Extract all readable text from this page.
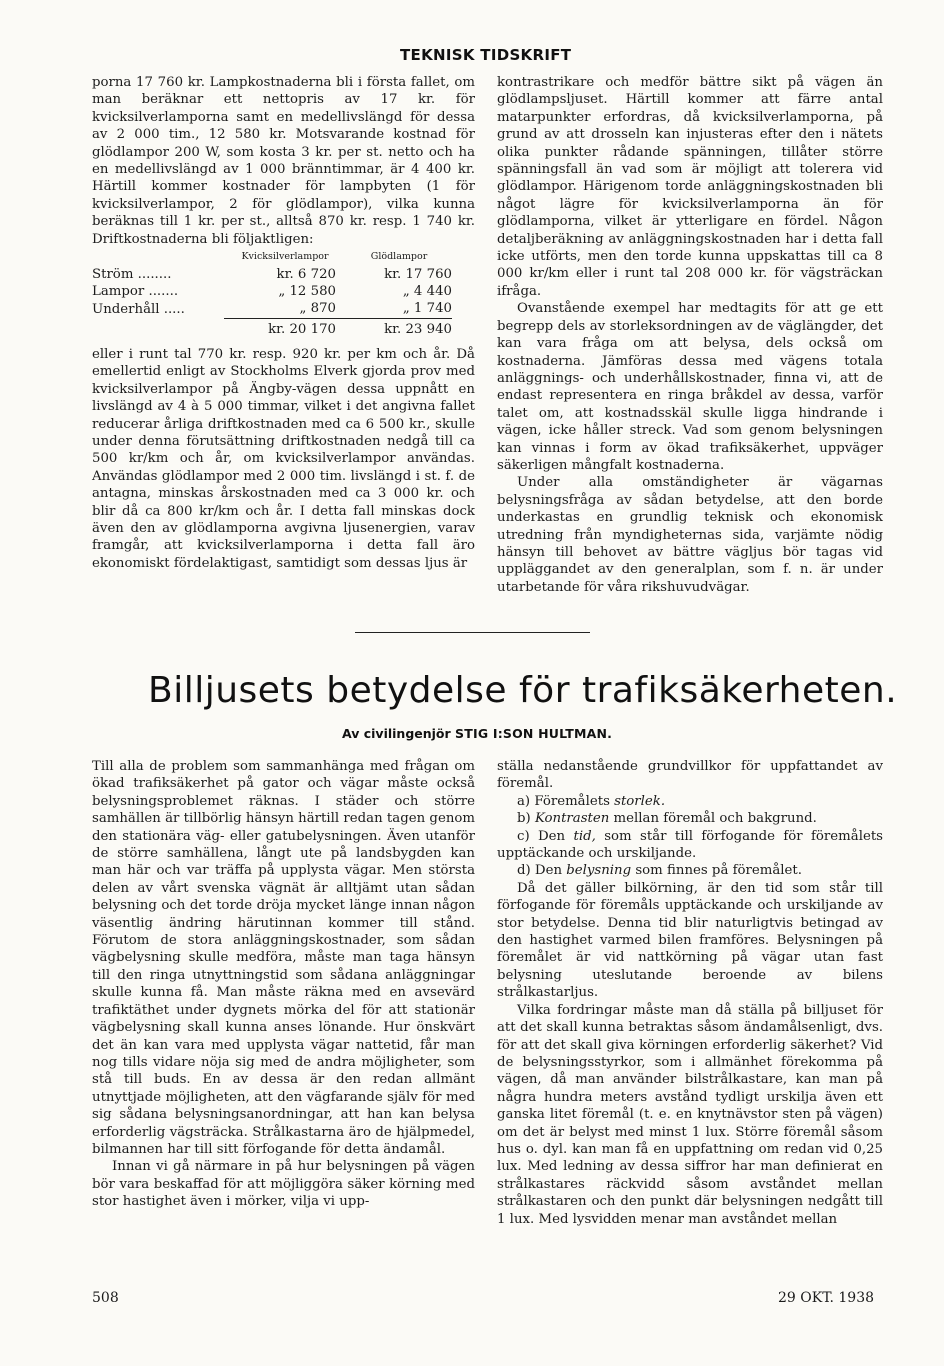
TEKNISK TIDSKRIFT

porna 17 760 kr. Lampkostnaderna bli i första fallet, om man beräknar ett nettopris av 17 kr. för kvicksilverlamporna samt en medellivslängd för dessa av 2 000 tim., 12 580 kr. Motsvarande kostnad för glödlampor 200 W, som kosta 3 kr. per st. netto och ha en medellivslängd av 1 000 bränntimmar, är 4 400 kr. Härtill kommer kostnader för lampbyten (1 för kvicksilverlampor, 2 för glödlampor), vilka kunna beräknas till 1 kr. per st., alltså 870 kr. resp. 1 740 kr. Driftkostnaderna bli följaktligen:

	Kvicksilverlampor	Glödlampor
Ström ........	kr. 6 720	kr. 17 760
Lampor .......	„ 12 580	„ 4 440
Underhåll .....	„ 870	„ 1 740
	kr. 20 170	kr. 23 940

eller i runt tal 770 kr. resp. 920 kr. per km och år. Då emellertid enligt av Stockholms Elverk gjorda prov med kvicksilverlampor på Ängby-vägen dessa uppnått en livslängd av 4 à 5 000 timmar, vilket i det angivna fallet reducerar årliga driftkostnaden med ca 6 500 kr., skulle under denna förutsättning driftkostnaden nedgå till ca 500 kr/km och år, om kvicksilverlampor användas. Användas glödlampor med 2 000 tim. livslängd i st. f. de antagna, minskas årskostnaden med ca 3 000 kr. och blir då ca 800 kr/km och år. I detta fall minskas dock även den av glödlamporna avgivna ljusenergien, varav framgår, att kvicksilverlamporna i detta fall äro ekonomiskt fördelaktigast, samtidigt som dessas ljus är

kontrastrikare och medför bättre sikt på vägen än glödlampsljuset. Härtill kommer att färre antal matarpunkter erfordras, då kvicksilverlamporna, på grund av att drosseln kan injusteras efter den i nätets olika punkter rådande spänningen, tillåter större spänningsfall än vad som är möjligt att tolerera vid glödlampor. Härigenom torde anläggningskostnaden bli något lägre för kvicksilverlamporna än för glödlamporna, vilket är ytterligare en fördel. Någon detaljberäkning av anläggningskostnaden har i detta fall icke utförts, men den torde kunna uppskattas till ca 8 000 kr/km eller i runt tal 208 000 kr. för vägsträckan ifråga.

Ovanstående exempel har medtagits för att ge ett begrepp dels av storleksordningen av de väglängder, det kan vara fråga om att belysa, dels också om kostnaderna. Jämföras dessa med vägens totala anläggnings- och underhållskostnader, finna vi, att de endast representera en ringa bråkdel av dessa, varför talet om, att kostnadsskäl skulle ligga hindrande i vägen, icke håller streck. Vad som genom belysningen kan vinnas i form av ökad trafiksäkerhet, uppväger säkerligen mångfalt kostnaderna.

Under alla omständigheter är vägarnas belysningsfråga av sådan betydelse, att den borde underkastas en grundlig teknisk och ekonomisk utredning från myndigheternas sida, varjämte nödig hänsyn till behovet av bättre vägljus bör tagas vid uppläggandet av den generalplan, som f. n. är under utarbetande för våra rikshuvudvägar.

Billjusets betydelse för trafiksäkerheten.
Av civilingenjör STIG I:SON HULTMAN.

Till alla de problem som sammanhänga med frågan om ökad trafiksäkerhet på gator och vägar måste också belysningsproblemet räknas. I städer och större samhällen är tillbörlig hänsyn härtill redan tagen genom den stationära väg- eller gatubelysningen. Även utanför de större samhällena, långt ute på landsbygden kan man här och var träffa på upplysta vägar. Men största delen av vårt svenska vägnät är alltjämt utan sådan belysning och det torde dröja mycket länge innan någon väsentlig ändring härutinnan kommer till stånd. Förutom de stora anläggningskostnader, som sådan vägbelysning skulle medföra, måste man taga hänsyn till den ringa utnyttningstid som sådana anläggningar skulle kunna få. Man måste räkna med en avsevärd trafiktäthet under dygnets mörka del för att stationär vägbelysning skall kunna anses lönande. Hur önskvärt det än kan vara med upplysta vägar nattetid, får man nog tills vidare nöja sig med de andra möjligheter, som stå till buds. En av dessa är den redan allmänt utnyttjade möjligheten, att den vägfarande själv för med sig sådana belysningsanordningar, att han kan belysa erforderlig vägsträcka. Strålkastarna äro de hjälpmedel, bilmannen har till sitt förfogande för detta ändamål.

Innan vi gå närmare in på hur belysningen på vägen bör vara beskaffad för att möjliggöra säker körning med stor hastighet även i mörker, vilja vi upp-

ställa nedanstående grundvillkor för uppfattandet av föremål.

a) Föremålets storlek.

b) Kontrasten mellan föremål och bakgrund.

c) Den tid, som står till förfogande för föremålets upptäckande och urskiljande.

d) Den belysning som finnes på föremålet.

Då det gäller bilkörning, är den tid som står till förfogande för föremåls upptäckande och urskiljande av stor betydelse. Denna tid blir naturligtvis betingad av den hastighet varmed bilen framföres. Belysningen på föremålet är vid nattkörning på vägar utan fast belysning uteslutande beroende av bilens strålkastarljus.

Vilka fordringar måste man då ställa på billjuset för att det skall kunna betraktas såsom ändamålsenligt, dvs. för att det skall giva körningen erforderlig säkerhet? Vid de belysningsstyrkor, som i allmänhet förekomma på vägen, då man använder bilstrålkastare, kan man på några hundra meters avstånd tydligt urskilja även ett ganska litet föremål (t. e. en knytnävstor sten på vägen) om det är belyst med minst 1 lux. Större föremål såsom hus o. dyl. kan man få en uppfattning om redan vid 0,25 lux. Med ledning av dessa siffror har man definierat en strålkastares räckvidd såsom avståndet mellan strålkastaren och den punkt där belysningen nedgått till 1 lux. Med lysvidden menar man avståndet mellan

508	29 OKT. 1938
